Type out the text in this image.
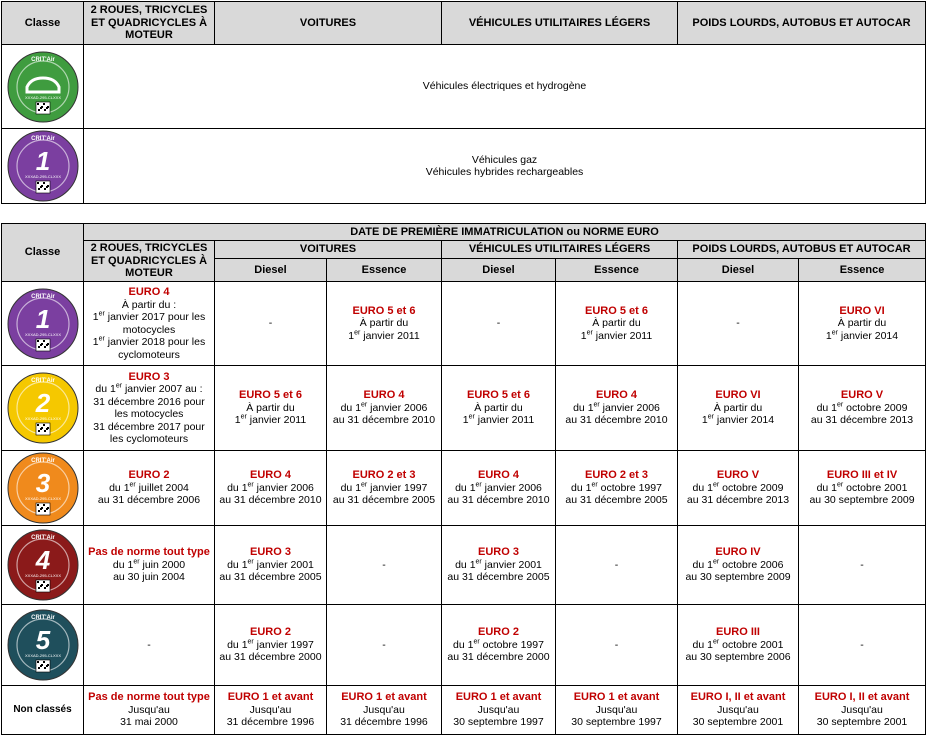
Classe	2 ROUES, TRICYCLES ET QUADRICYCLES À MOTEUR	VOITURES	VÉHICULES UTILITAIRES LÉGERS	POIDS LOURDS, AUTOBUS ET AUTOCAR

CRIT'Air
XXXAD-295-CLXXX	Véhicules électriques et hydrogène			

CRIT'Air
1
XXXAD-295-CLXXX	Véhicules gaz
Véhicules hybrides rechargeables			
Classe	DATE DE PREMIÈRE IMMATRICULATION ou NORME EURO						
	2 ROUES, TRICYCLES ET QUADRICYCLES À MOTEUR	VOITURES		VÉHICULES UTILITAIRES LÉGERS		POIDS LOURDS, AUTOBUS ET AUTOCAR	
		Diesel	Essence	Diesel	Essence	Diesel	Essence

CRIT'Air
1
XXXAD-295-CLXXX	EURO 4
À partir du :
1er janvier 2017 pour les motocycles
1er janvier 2018 pour les cyclomoteurs	-	EURO 5 et 6
À partir du
1er janvier 2011	-	EURO 5 et 6
À partir du
1er janvier 2011	-	EURO VI
À partir du
1er janvier 2014

CRIT'Air
2
XXXAD-295-CLXXX	EURO 3
du 1er janvier 2007 au :
31 décembre 2016 pour les motocycles
31 décembre 2017 pour les cyclomoteurs	EURO 5 et 6
À partir du
1er janvier 2011	EURO 4
du 1er janvier 2006
au 31 décembre 2010	EURO 5 et 6
À partir du
1er janvier 2011	EURO 4
du 1er janvier 2006
au 31 décembre 2010	EURO VI
À partir du
1er janvier 2014	EURO V
du 1er octobre 2009
au 31 décembre 2013

CRIT'Air
3
XXXAD-295-CLXXX	EURO 2
du 1er juillet 2004
au 31 décembre 2006	EURO 4
du 1er janvier 2006
au 31 décembre 2010	EURO 2 et 3
du 1er janvier 1997
au 31 décembre 2005	EURO 4
du 1er janvier 2006
au 31 décembre 2010	EURO 2 et 3
du 1er octobre 1997
au 31 décembre 2005	EURO V
du 1er octobre 2009
au 31 décembre 2013	EURO III et IV
du 1er octobre 2001
au 30 septembre 2009

CRIT'Air
4
XXXAD-295-CLXXX	Pas de norme tout type
du 1er juin 2000
au 30 juin 2004	EURO 3
du 1er janvier 2001
au 31 décembre 2005	-	EURO 3
du 1er janvier 2001
au 31 décembre 2005	-	EURO IV
du 1er octobre 2006
au 30 septembre 2009	-

CRIT'Air
5
XXXAD-295-CLXXX	-	EURO 2
du 1er janvier 1997
au 31 décembre 2000	-	EURO 2
du 1er octobre 1997
au 31 décembre 2000	-	EURO III
du 1er octobre 2001
au 30 septembre 2006	-

Non classés	Pas de norme tout type
Jusqu'au
31 mai 2000	EURO 1 et avant
Jusqu'au
31 décembre 1996	EURO 1 et avant
Jusqu'au
31 décembre 1996	EURO 1 et avant
Jusqu'au
30 septembre 1997	EURO 1 et avant
Jusqu'au
30 septembre 1997	EURO I, II et avant
Jusqu'au
30 septembre 2001	EURO I, II et avant
Jusqu'au
30 septembre 2001
